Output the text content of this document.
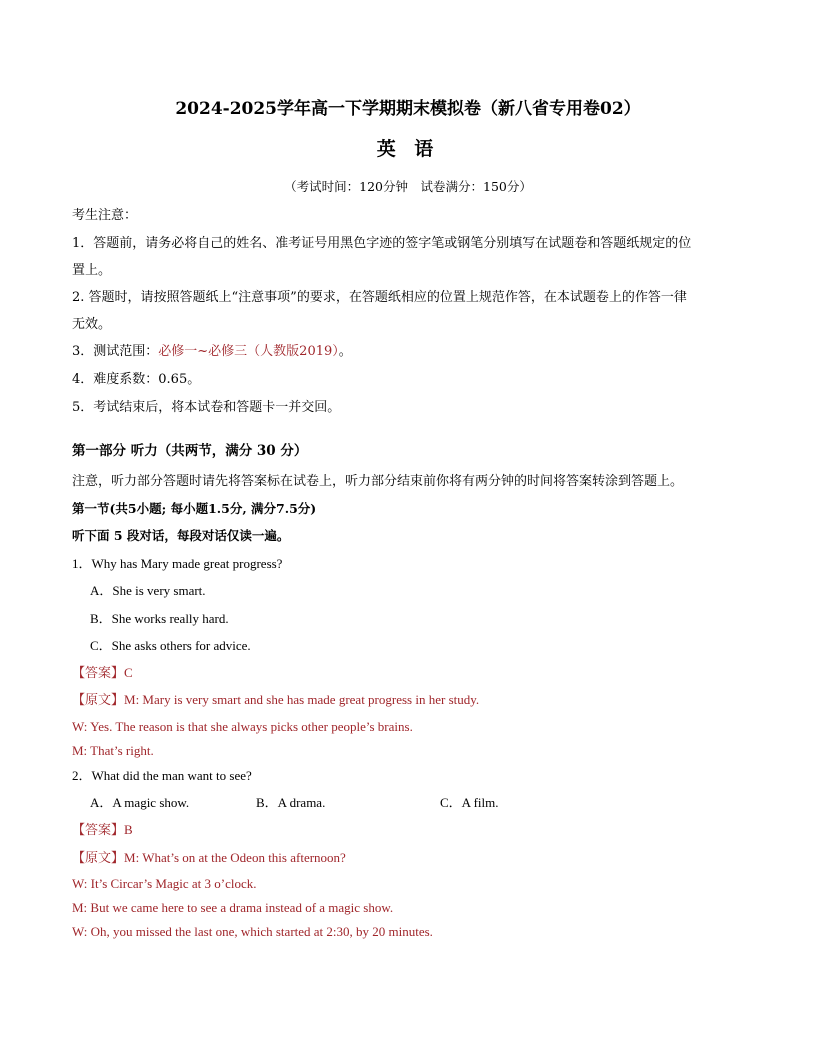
2024-2025学年高一下学期期末模拟卷（新八省专用卷02）
英 语
（考试时间：120分钟　试卷满分：150分）
考生注意：
1．答题前，请务必将自己的姓名、准考证号用黑色字迹的签字笔或钢笔分别填写在试题卷和答题纸规定的位
置上。
2. 答题时，请按照答题纸上“注意事项”的要求，在答题纸相应的位置上规范作答，在本试题卷上的作答一律
无效。
3．测试范围：必修一~必修三（人教版2019）。
4．难度系数：0.65。
5．考试结束后，将本试卷和答题卡一并交回。
第一部分 听力（共两节，满分 30 分）
注意，听力部分答题时请先将答案标在试卷上，听力部分结束前你将有两分钟的时间将答案转涂到答题上。
第一节(共5小题; 每小题1.5分, 满分7.5分)
听下面 5 段对话，每段对话仅读一遍。
1．Why has Mary made great progress?
A．She is very smart.
B．She works really hard.
C．She asks others for advice.
【答案】C
【原文】M: Mary is very smart and she has made great progress in her study.
W: Yes. The reason is that she always picks other people’s brains.
M: That’s right.
2．What did the man want to see?
A．A magic show.	B．A drama.	C．A film.
【答案】B
【原文】M: What’s on at the Odeon this afternoon?
W: It’s Circar’s Magic at 3 o’clock.
M: But we came here to see a drama instead of a magic show.
W: Oh, you missed the last one, which started at 2:30, by 20 minutes.
